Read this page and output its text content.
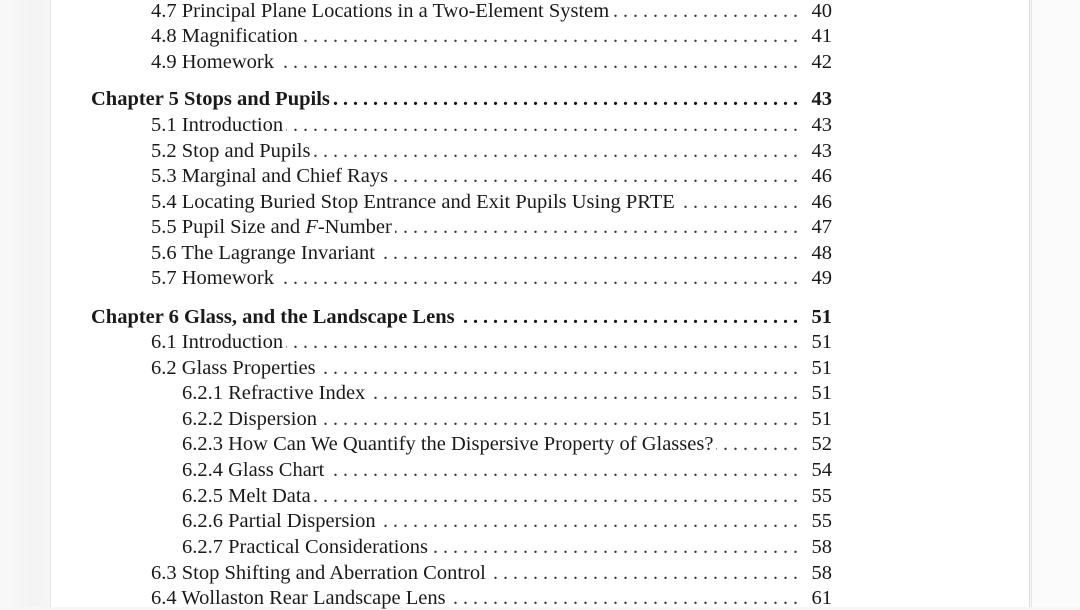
4.7 Principal Plane Locations in a Two-Element System . . .	40
4.8 Magnification . . .	41
4.9 Homework . . .	42
Chapter 5 Stops and Pupils . . .	43
5.1 Introduction . . .	43
5.2 Stop and Pupils . . .	43
5.3 Marginal and Chief Rays . . .	46
5.4 Locating Buried Stop Entrance and Exit Pupils Using PRTE . . .	46
5.5 Pupil Size and F-Number . . .	47
5.6 The Lagrange Invariant . . .	48
5.7 Homework . . .	49
Chapter 6 Glass, and the Landscape Lens . . .	51
6.1 Introduction . . .	51
6.2 Glass Properties . . .	51
6.2.1 Refractive Index . . .	51
6.2.2 Dispersion . . .	51
6.2.3 How Can We Quantify the Dispersive Property of Glasses? . . .	52
6.2.4 Glass Chart . . .	54
6.2.5 Melt Data . . .	55
6.2.6 Partial Dispersion . . .	55
6.2.7 Practical Considerations . . .	58
6.3 Stop Shifting and Aberration Control . . .	58
6.4 Wollaston Rear Landscape Lens . . .	61
